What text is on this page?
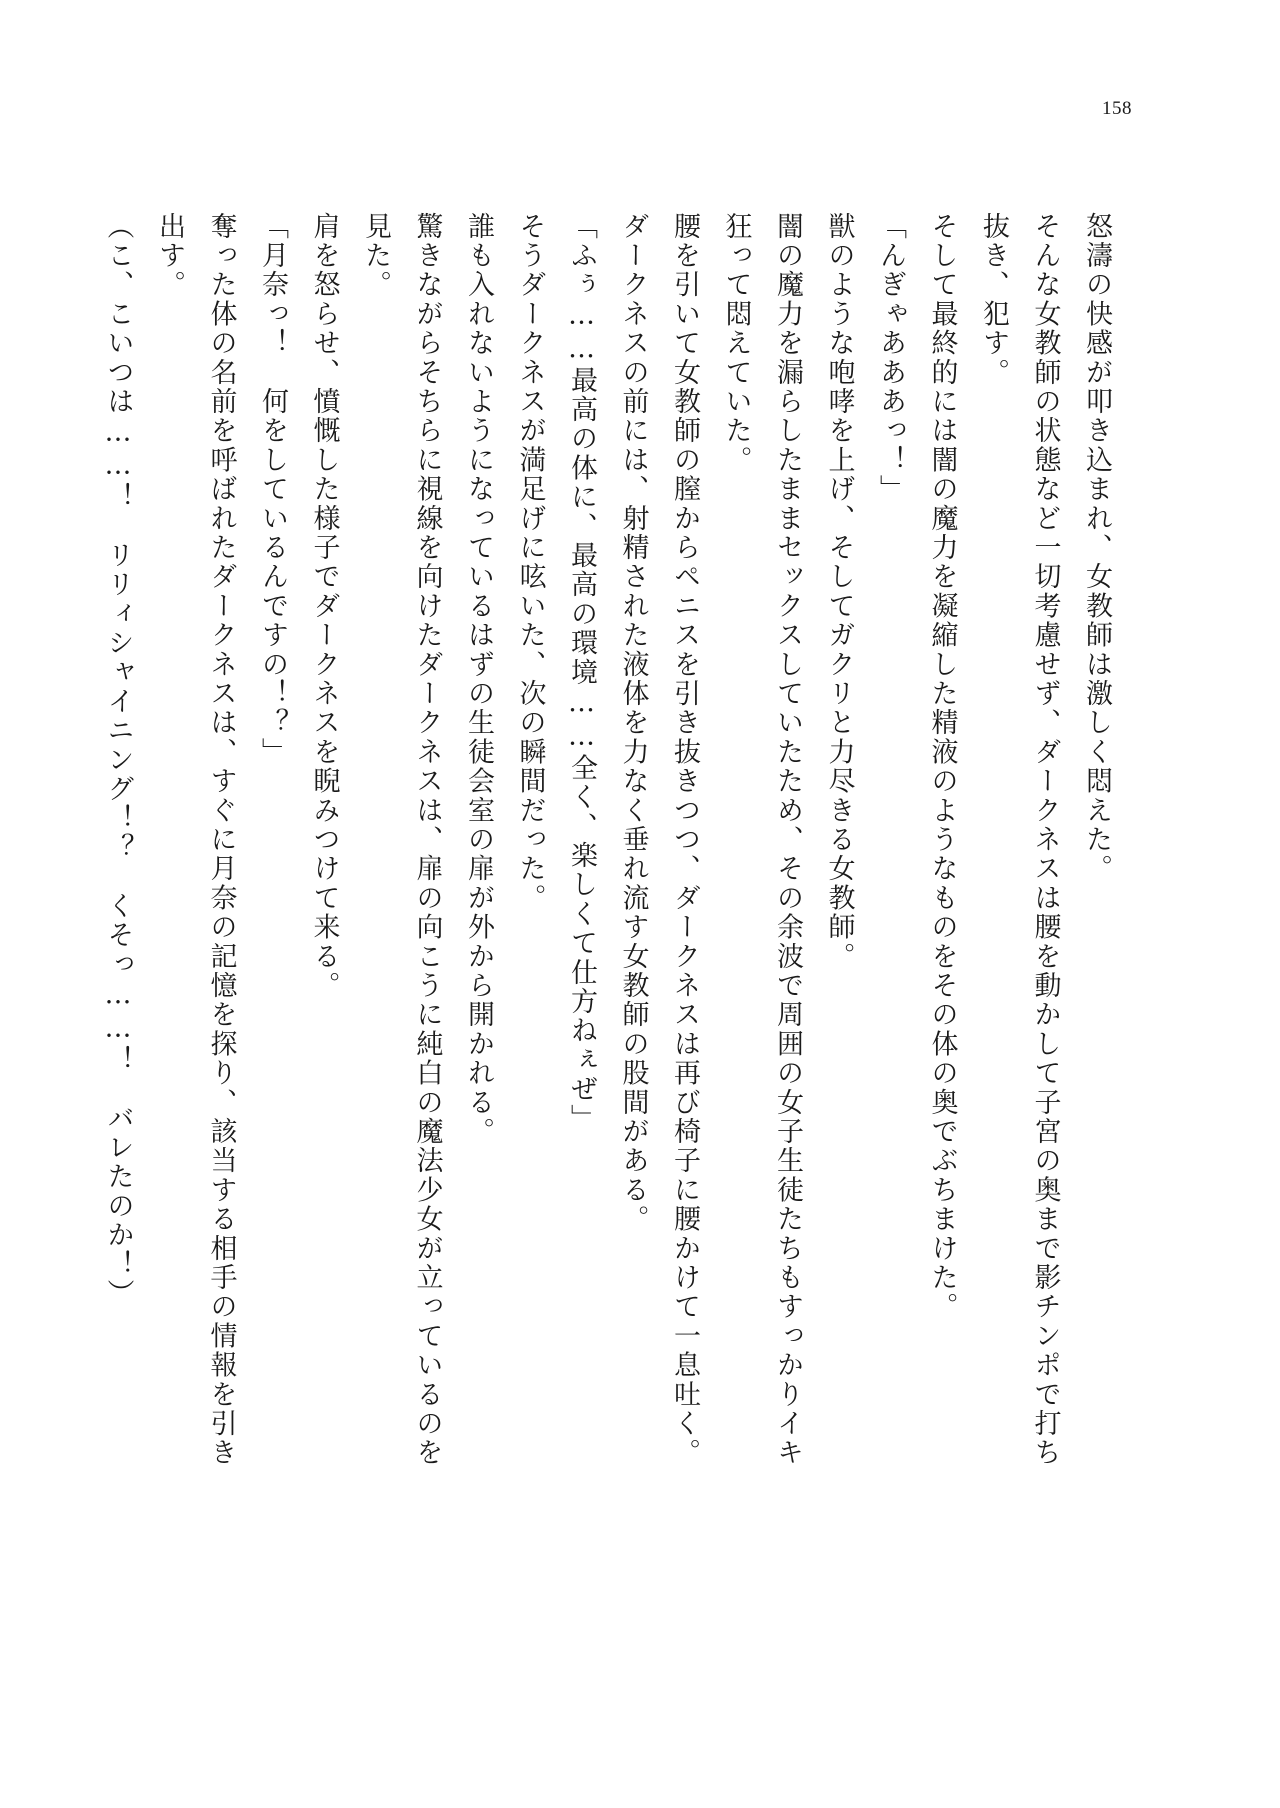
158
怒濤の快感が叩き込まれ、女教師は激しく悶えた。
そんな女教師の状態など一切考慮せず、ダークネスは腰を動かして子宮の奥まで影チンポで打ち抜き、犯す。
そして最終的には闇の魔力を凝縮した精液のようなものをその体の奥でぶちまけた。
「んぎゃあああっ！」
獣のような咆哮を上げ、そしてガクリと力尽きる女教師。
闇の魔力を漏らしたままセックスしていたため、その余波で周囲の女子生徒たちもすっかりイキ狂って悶えていた。
腰を引いて女教師の膣からペニスを引き抜きつつ、ダークネスは再び椅子に腰かけて一息吐く。
ダークネスの前には、射精された液体を力なく垂れ流す女教師の股間がある。
「ふぅ……最高の体に、最高の環境……全く、楽しくて仕方ねぇぜ」
そうダークネスが満足げに呟いた、次の瞬間だった。
誰も入れないようになっているはずの生徒会室の扉が外から開かれる。
驚きながらそちらに視線を向けたダークネスは、扉の向こうに純白の魔法少女が立っているのを見た。
肩を怒らせ、憤慨した様子でダークネスを睨みつけて来る。
「月奈っ！　何をしているんですの！？」
奪った体の名前を呼ばれたダークネスは、すぐに月奈の記憶を探り、該当する相手の情報を引き出す。
（こ、こいつは……！　リリィシャイニング！？　くそっ……！　バレたのか！）
